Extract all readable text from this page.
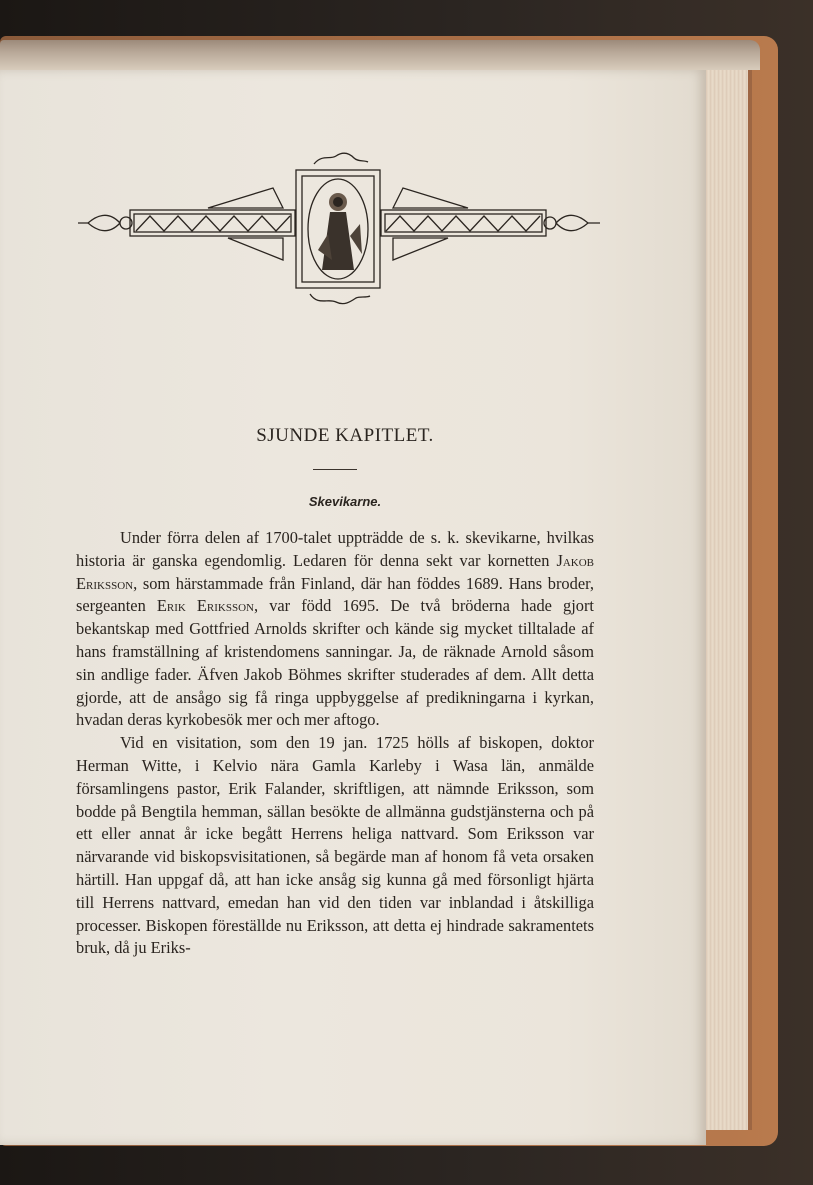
SJUNDE KAPITLET.
Skevikarne.

Under förra delen af 1700-talet uppträdde de s. k. skevikarne, hvilkas historia är ganska egendomlig. Ledaren för denna sekt var kornetten Jakob Eriksson, som härstammade från Finland, där han föddes 1689. Hans broder, sergeanten Erik Eriksson, var född 1695. De två bröderna hade gjort bekantskap med Gottfried Arnolds skrifter och kände sig mycket tilltalade af hans framställning af kristendomens sanningar. Ja, de räknade Arnold såsom sin andlige fader. Äfven Jakob Böhmes skrifter studerades af dem. Allt detta gjorde, att de ansågo sig få ringa uppbyggelse af predikningarna i kyrkan, hvadan deras kyrkobesök mer och mer aftogo.

Vid en visitation, som den 19 jan. 1725 hölls af biskopen, doktor Herman Witte, i Kelvio nära Gamla Karleby i Wasa län, anmälde församlingens pastor, Erik Falander, skriftligen, att nämnde Eriksson, som bodde på Bengtila hemman, sällan besökte de allmänna gudstjänsterna och på ett eller annat år icke begått Herrens heliga nattvard. Som Eriksson var närvarande vid biskopsvisitationen, så begärde man af honom få veta orsaken härtill. Han uppgaf då, att han icke ansåg sig kunna gå med försonligt hjärta till Herrens nattvard, emedan han vid den tiden var inblandad i åtskilliga processer. Biskopen föreställde nu Eriksson, att detta ej hindrade sakramentets bruk, då ju Eriks-
